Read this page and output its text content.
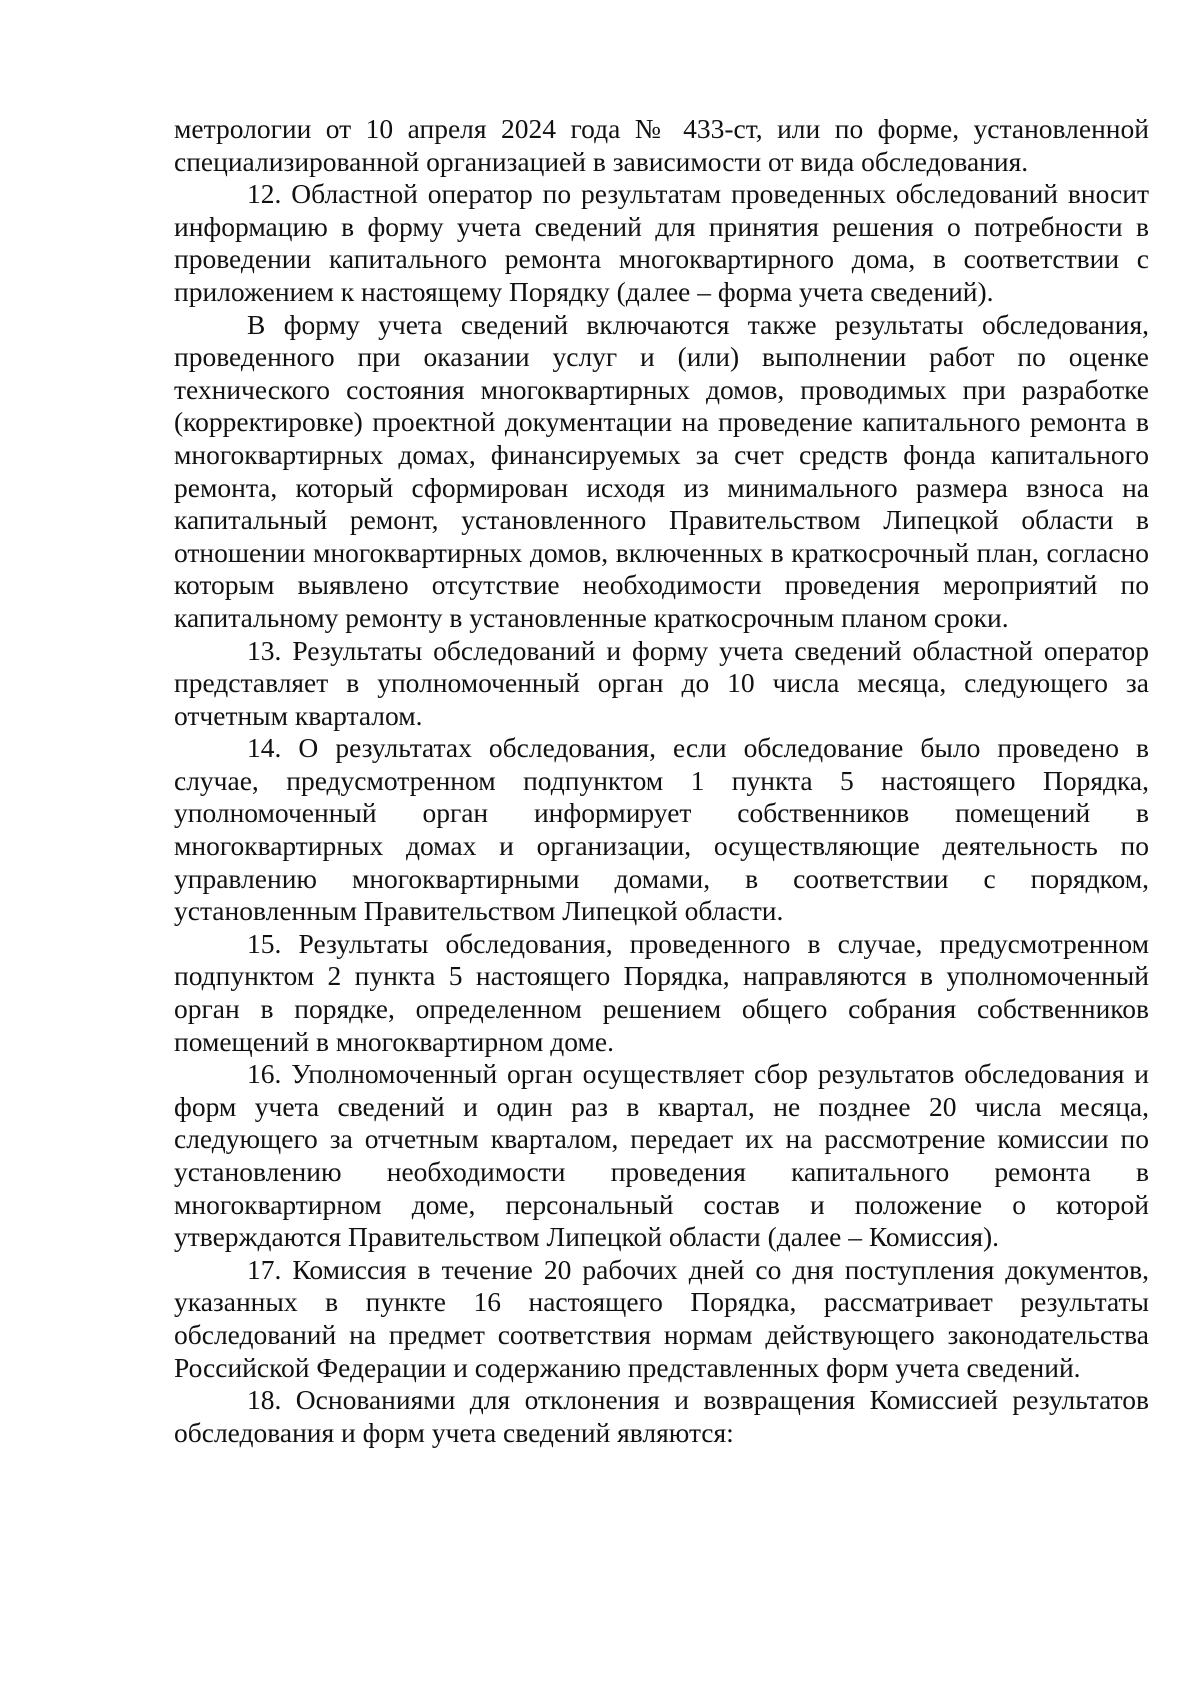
метрологии от 10 апреля 2024 года № 433-ст, или по форме, установленной специализированной организацией в зависимости от вида обследования.

12. Областной оператор по результатам проведенных обследований вносит информацию в форму учета сведений для принятия решения о потребности в проведении капитального ремонта многоквартирного дома, в соответствии с приложением к настоящему Порядку (далее – форма учета сведений).

В форму учета сведений включаются также результаты обследования, проведенного при оказании услуг и (или) выполнении работ по оценке технического состояния многоквартирных домов, проводимых при разработке (корректировке) проектной документации на проведение капитального ремонта в многоквартирных домах, финансируемых за счет средств фонда капитального ремонта, который сформирован исходя из минимального размера взноса на капитальный ремонт, установленного Правительством Липецкой области в отношении многоквартирных домов, включенных в краткосрочный план, согласно которым выявлено отсутствие необходимости проведения мероприятий по капитальному ремонту в установленные краткосрочным планом сроки.

13. Результаты обследований и форму учета сведений областной оператор представляет в уполномоченный орган до 10 числа месяца, следующего за отчетным кварталом.

14. О результатах обследования, если обследование было проведено в случае, предусмотренном подпунктом 1 пункта 5 настоящего Порядка, уполномоченный орган информирует собственников помещений в многоквартирных домах и организации, осуществляющие деятельность по управлению многоквартирными домами, в соответствии с порядком, установленным Правительством Липецкой области.

15. Результаты обследования, проведенного в случае, предусмотренном подпунктом 2 пункта 5 настоящего Порядка, направляются в уполномоченный орган в порядке, определенном решением общего собрания собственников помещений в многоквартирном доме.

16. Уполномоченный орган осуществляет сбор результатов обследования и форм учета сведений и один раз в квартал, не позднее 20 числа месяца, следующего за отчетным кварталом, передает их на рассмотрение комиссии по установлению необходимости проведения капитального ремонта в многоквартирном доме, персональный состав и положение о которой утверждаются Правительством Липецкой области (далее – Комиссия).

17. Комиссия в течение 20 рабочих дней со дня поступления документов, указанных в пункте 16 настоящего Порядка, рассматривает результаты обследований на предмет соответствия нормам действующего законодательства Российской Федерации и содержанию представленных форм учета сведений.

18. Основаниями для отклонения и возвращения Комиссией результатов обследования и форм учета сведений являются:
